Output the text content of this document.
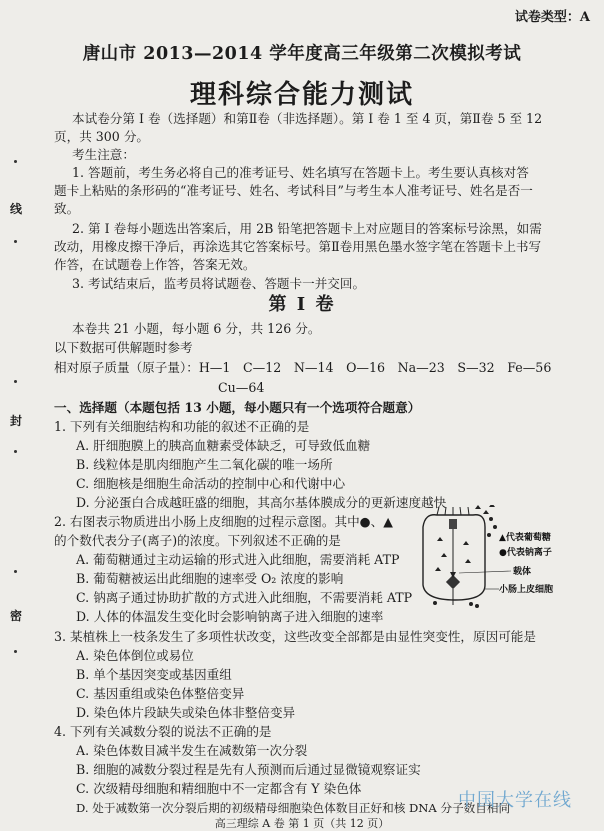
试卷类型：A
唐山市 2013—2014 学年度高三年级第二次模拟考试
理科综合能力测试
线
封
密
本试卷分第 I 卷（选择题）和第Ⅱ卷（非选择题）。第 I 卷 1 至 4 页，第Ⅱ卷 5 至 12
页，共 300 分。
考生注意：
1. 答题前，考生务必将自己的准考证号、姓名填写在答题卡上。考生要认真核对答
题卡上粘贴的条形码的“准考证号、姓名、考试科目”与考生本人准考证号、姓名是否一
致。
2. 第 I 卷每小题选出答案后，用 2B 铅笔把答题卡上对应题目的答案标号涂黑，如需
改动，用橡皮擦干净后，再涂选其它答案标号。第Ⅱ卷用黑色墨水签字笔在答题卡上书写
作答，在试题卷上作答，答案无效。
3. 考试结束后，监考员将试题卷、答题卡一并交回。
第 I 卷
本卷共 21 小题，每小题 6 分，共 126 分。
以下数据可供解题时参考
相对原子质量（原子量）：H—1　C—12　N—14　O—16　Na—23　S—32　Fe—56
Cu—64
一、选择题（本题包括 13 小题，每小题只有一个选项符合题意）
1. 下列有关细胞结构和功能的叙述不正确的是
A. 肝细胞膜上的胰高血糖素受体缺乏，可导致低血糖
B. 线粒体是肌肉细胞产生二氧化碳的唯一场所
C. 细胞核是细胞生命活动的控制中心和代谢中心
D. 分泌蛋白合成越旺盛的细胞，其高尔基体膜成分的更新速度越快
2. 右图表示物质进出小肠上皮细胞的过程示意图。其中●、▲
的个数代表分子(离子)的浓度。下列叙述不正确的是
A. 葡萄糖通过主动运输的形式进入此细胞，需要消耗 ATP
B. 葡萄糖被运出此细胞的速率受 O₂ 浓度的影响
C. 钠离子通过协助扩散的方式进入此细胞，不需要消耗 ATP
D. 人体的体温发生变化时会影响钠离子进入细胞的速率
▲代表葡萄糖
●代表钠离子
载体
小肠上皮细胞
3. 某植株上一枝条发生了多项性状改变，这些改变全部都是由显性突变性，原因可能是
A. 染色体倒位或易位
B. 单个基因突变或基因重组
C. 基因重组或染色体整倍变异
D. 染色体片段缺失或染色体非整倍变异
4. 下列有关减数分裂的说法不正确的是
A. 染色体数目减半发生在减数第一次分裂
B. 细胞的减数分裂过程是先有人预测而后通过显微镜观察证实
C. 次级精母细胞和精细胞中不一定都含有 Y 染色体
D. 处于减数第一次分裂后期的初级精母细胞染色体数目正好和核 DNA 分子数目相同
高三理综 A 卷 第 1 页（共 12 页）
中国大学在线
